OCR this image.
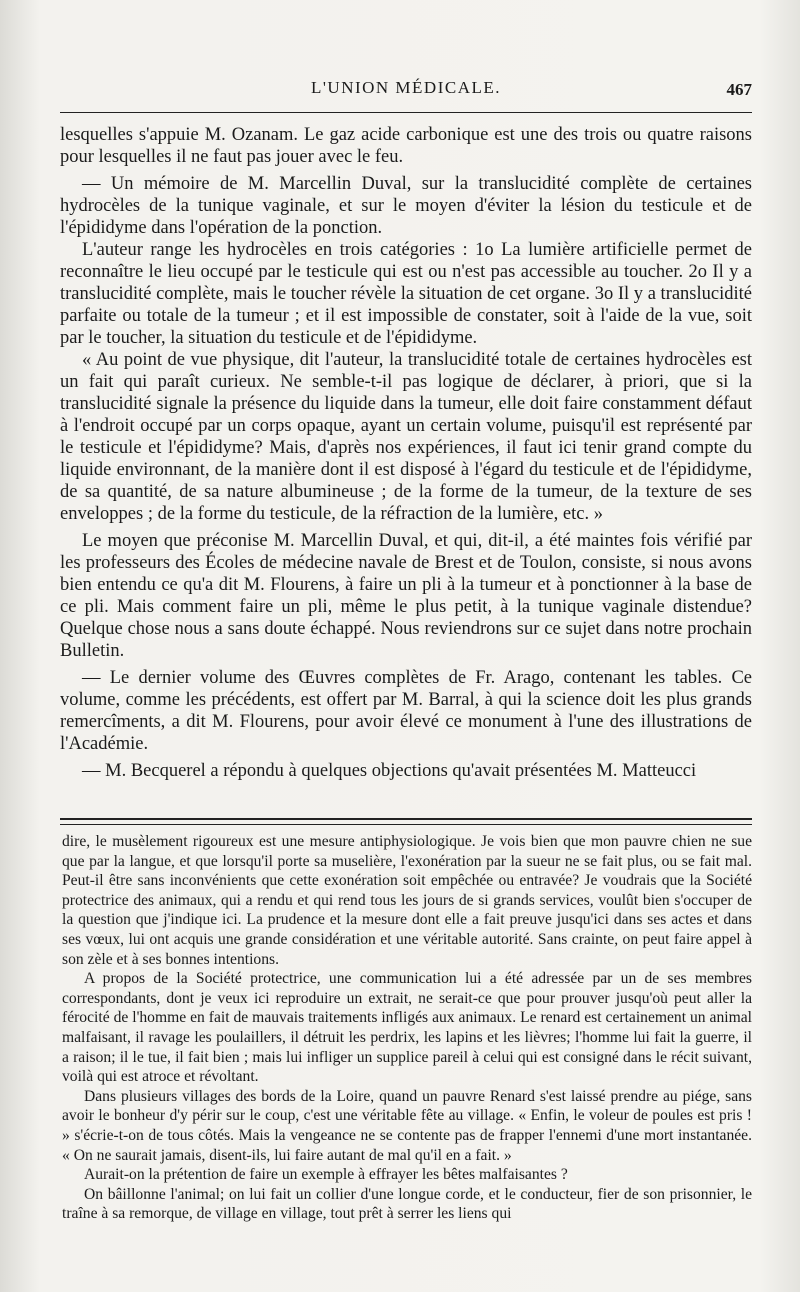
L'UNION MÉDICALE.	467

lesquelles s'appuie M. Ozanam. Le gaz acide carbonique est une des trois ou quatre raisons pour lesquelles il ne faut pas jouer avec le feu.

— Un mémoire de M. Marcellin Duval, sur la translucidité complète de certaines hydrocèles de la tunique vaginale, et sur le moyen d'éviter la lésion du testicule et de l'épididyme dans l'opération de la ponction.

L'auteur range les hydrocèles en trois catégories : 1o La lumière artificielle permet de reconnaître le lieu occupé par le testicule qui est ou n'est pas accessible au toucher. 2o Il y a translucidité complète, mais le toucher révèle la situation de cet organe. 3o Il y a translucidité parfaite ou totale de la tumeur ; et il est impossible de constater, soit à l'aide de la vue, soit par le toucher, la situation du testicule et de l'épididyme.

« Au point de vue physique, dit l'auteur, la translucidité totale de certaines hydrocèles est un fait qui paraît curieux. Ne semble-t-il pas logique de déclarer, à priori, que si la translucidité signale la présence du liquide dans la tumeur, elle doit faire constamment défaut à l'endroit occupé par un corps opaque, ayant un certain volume, puisqu'il est représenté par le testicule et l'épididyme? Mais, d'après nos expériences, il faut ici tenir grand compte du liquide environnant, de la manière dont il est disposé à l'égard du testicule et de l'épididyme, de sa quantité, de sa nature albumineuse ; de la forme de la tumeur, de la texture de ses enveloppes ; de la forme du testicule, de la réfraction de la lumière, etc. »

Le moyen que préconise M. Marcellin Duval, et qui, dit-il, a été maintes fois vérifié par les professeurs des Écoles de médecine navale de Brest et de Toulon, consiste, si nous avons bien entendu ce qu'a dit M. Flourens, à faire un pli à la tumeur et à ponctionner à la base de ce pli. Mais comment faire un pli, même le plus petit, à la tunique vaginale distendue? Quelque chose nous a sans doute échappé. Nous reviendrons sur ce sujet dans notre prochain Bulletin.

— Le dernier volume des Œuvres complètes de Fr. Arago, contenant les tables. Ce volume, comme les précédents, est offert par M. Barral, à qui la science doit les plus grands remercîments, a dit M. Flourens, pour avoir élevé ce monument à l'une des illustrations de l'Académie.

— M. Becquerel a répondu à quelques objections qu'avait présentées M. Matteucci

dire, le musèlement rigoureux est une mesure antiphysiologique. Je vois bien que mon pauvre chien ne sue que par la langue, et que lorsqu'il porte sa muselière, l'exonération par la sueur ne se fait plus, ou se fait mal. Peut-il être sans inconvénients que cette exonération soit empêchée ou entravée? Je voudrais que la Société protectrice des animaux, qui a rendu et qui rend tous les jours de si grands services, voulût bien s'occuper de la question que j'indique ici. La prudence et la mesure dont elle a fait preuve jusqu'ici dans ses actes et dans ses vœux, lui ont acquis une grande considération et une véritable autorité. Sans crainte, on peut faire appel à son zèle et à ses bonnes intentions.

A propos de la Société protectrice, une communication lui a été adressée par un de ses membres correspondants, dont je veux ici reproduire un extrait, ne serait-ce que pour prouver jusqu'où peut aller la férocité de l'homme en fait de mauvais traitements infligés aux animaux. Le renard est certainement un animal malfaisant, il ravage les poulaillers, il détruit les perdrix, les lapins et les lièvres; l'homme lui fait la guerre, il a raison; il le tue, il fait bien ; mais lui infliger un supplice pareil à celui qui est consigné dans le récit suivant, voilà qui est atroce et révoltant.

Dans plusieurs villages des bords de la Loire, quand un pauvre Renard s'est laissé prendre au piége, sans avoir le bonheur d'y périr sur le coup, c'est une véritable fête au village. « Enfin, le voleur de poules est pris ! » s'écrie-t-on de tous côtés. Mais la vengeance ne se contente pas de frapper l'ennemi d'une mort instantanée. « On ne saurait jamais, disent-ils, lui faire autant de mal qu'il en a fait. »

Aurait-on la prétention de faire un exemple à effrayer les bêtes malfaisantes ?

On bâillonne l'animal; on lui fait un collier d'une longue corde, et le conducteur, fier de son prisonnier, le traîne à sa remorque, de village en village, tout prêt à serrer les liens qui
